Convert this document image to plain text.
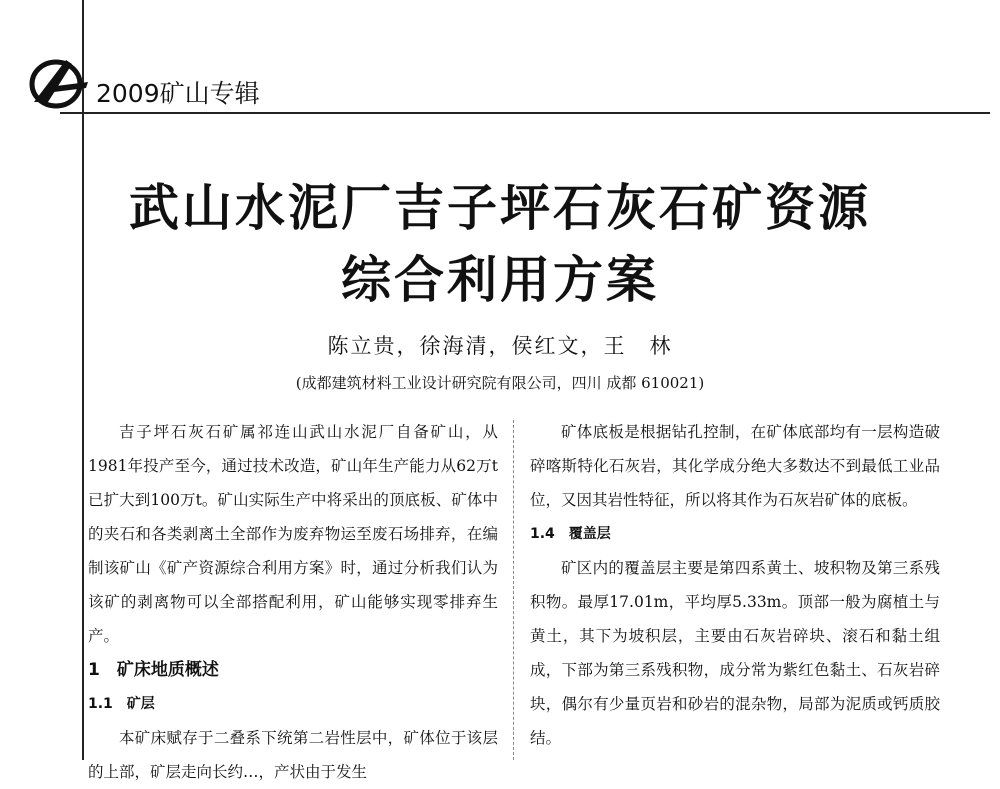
2009矿山专辑
武山水泥厂吉子坪石灰石矿资源
综合利用方案
陈立贵，徐海清，侯红文，王　林
(成都建筑材料工业设计研究院有限公司，四川 成都 610021)

吉子坪石灰石矿属祁连山武山水泥厂自备矿山，从1981年投产至今，通过技术改造，矿山年生产能力从62万t已扩大到100万t。矿山实际生产中将采出的顶底板、矿体中的夹石和各类剥离土全部作为废弃物运至废石场排弃，在编制该矿山《矿产资源综合利用方案》时，通过分析我们认为该矿的剥离物可以全部搭配利用，矿山能够实现零排弃生产。

1　矿床地质概述

1.1　矿层

本矿床赋存于二叠系下统第二岩性层中，矿体位于该层的上部，矿层走向长约…，产状由于发生

矿体底板是根据钻孔控制，在矿体底部均有一层构造破碎喀斯特化石灰岩，其化学成分绝大多数达不到最低工业品位，又因其岩性特征，所以将其作为石灰岩矿体的底板。

1.4　覆盖层

矿区内的覆盖层主要是第四系黄土、坡积物及第三系残积物。最厚17.01m，平均厚5.33m。顶部一般为腐植土与黄土，其下为坡积层，主要由石灰岩碎块、滚石和黏土组成，下部为第三系残积物，成分常为紫红色黏土、石灰岩碎块，偶尔有少量页岩和砂岩的混杂物，局部为泥质或钙质胶结。
